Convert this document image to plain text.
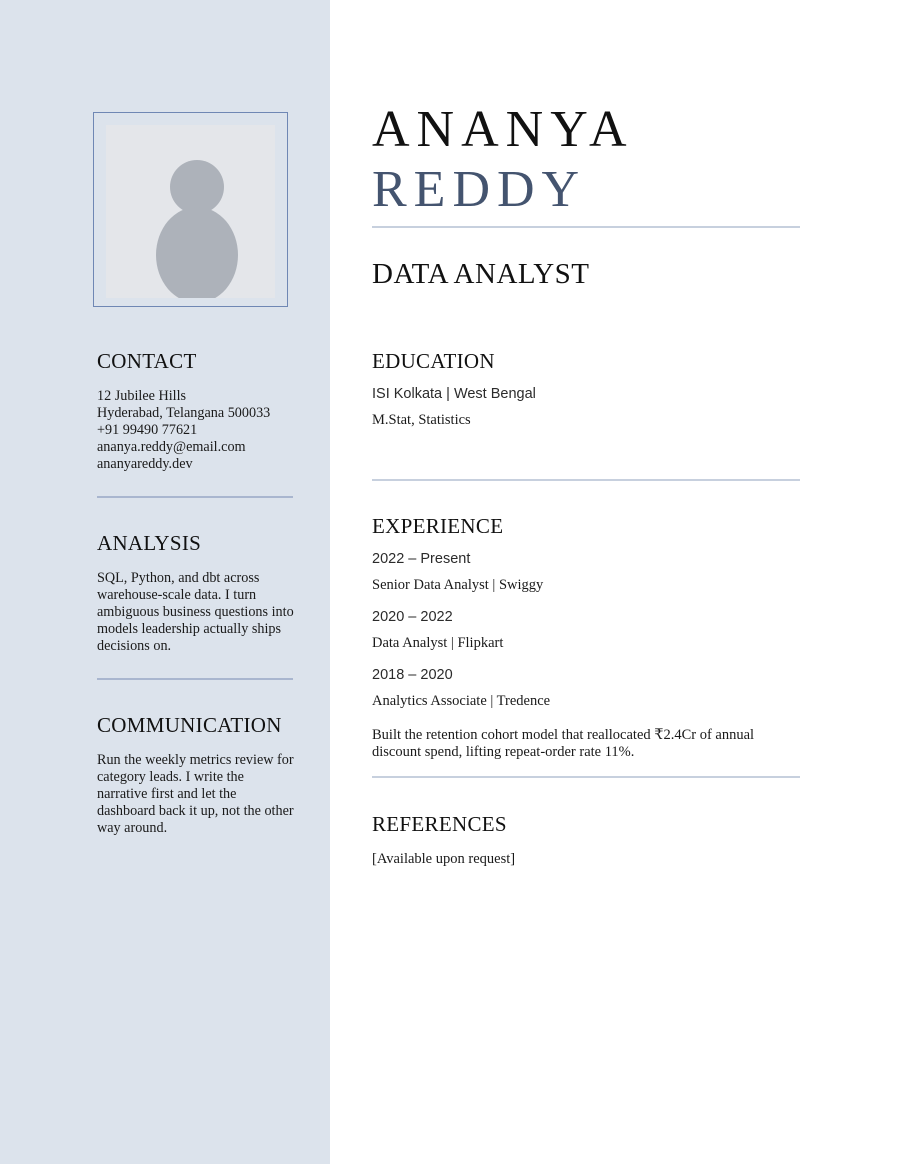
CONTACT
12 Jubilee Hills
Hyderabad, Telangana 500033
+91 99490 77621
ananya.reddy@email.com
ananyareddy.dev
ANALYSIS

SQL, Python, and dbt across warehouse-scale data. I turn ambiguous business questions into models leadership actually ships decisions on.

COMMUNICATION

Run the weekly metrics review for category leads. I write the narrative first and let the dashboard back it up, not the other way around.

ANANYA
REDDY
DATA ANALYST
EDUCATION

ISI Kolkata | West Bengal

M.Stat, Statistics

EXPERIENCE

2022 – Present

Senior Data Analyst | Swiggy

2020 – 2022

Data Analyst | Flipkart

2018 – 2020

Analytics Associate | Tredence

Built the retention cohort model that reallocated ₹2.4Cr of annual discount spend, lifting repeat-order rate 11%.

REFERENCES

[Available upon request]
